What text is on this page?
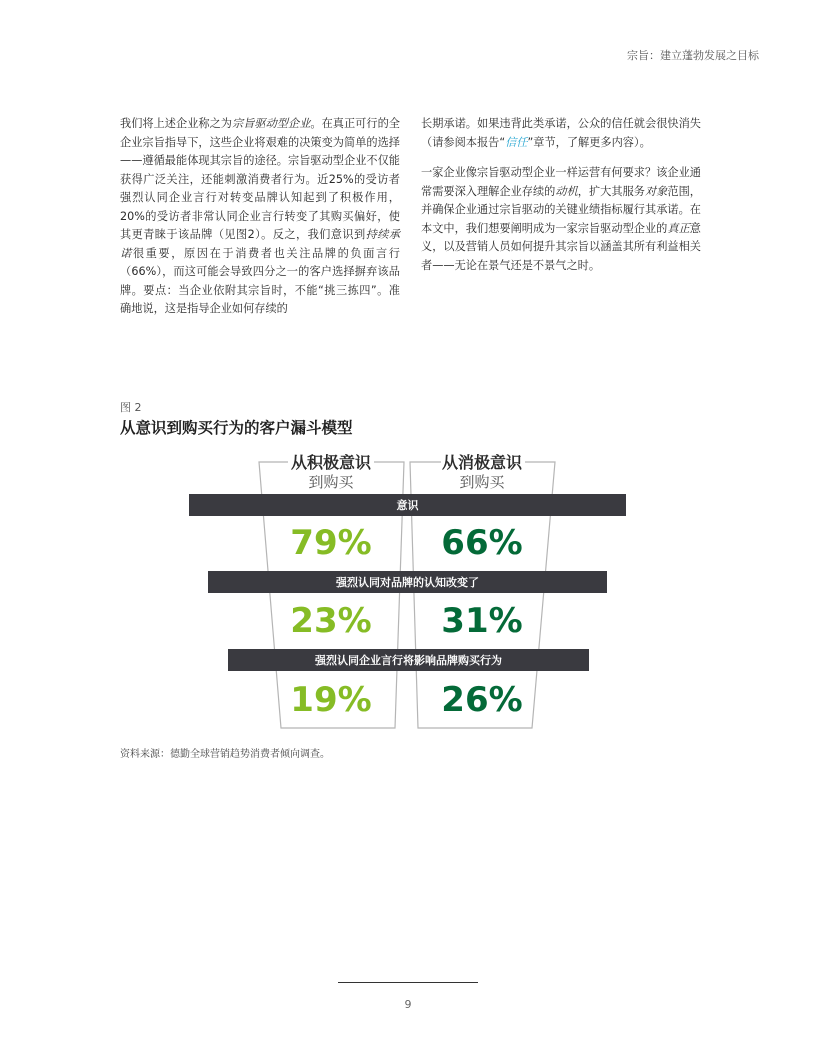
宗旨：建立蓬勃发展之目标

我们将上述企业称之为宗旨驱动型企业。在真正可行的全企业宗旨指导下，这些企业将艰难的决策变为简单的选择——遵循最能体现其宗旨的途径。宗旨驱动型企业不仅能获得广泛关注，还能刺激消费者行为。近25%的受访者强烈认同企业言行对转变品牌认知起到了积极作用，20%的受访者非常认同企业言行转变了其购买偏好，使其更青睐于该品牌（见图2）。反之，我们意识到持续承诺很重要，原因在于消费者也关注品牌的负面言行（66%），而这可能会导致四分之一的客户选择摒弃该品牌。要点：当企业依附其宗旨时，不能“挑三拣四”。准确地说，这是指导企业如何存续的

长期承诺。如果违背此类承诺，公众的信任就会很快消失（请参阅本报告“信任”章节，了解更多内容）。

一家企业像宗旨驱动型企业一样运营有何要求？该企业通常需要深入理解企业存续的动机，扩大其服务对象范围，并确保企业通过宗旨驱动的关键业绩指标履行其承诺。在本文中，我们想要阐明成为一家宗旨驱动型企业的真正意义，以及营销人员如何提升其宗旨以涵盖其所有利益相关者——无论在景气还是不景气之时。

图 2
从意识到购买行为的客户漏斗模型
从积极意识
到购买
从消极意识
到购买
意识
强烈认同对品牌的认知改变了
强烈认同企业言行将影响品牌购买行为
79%
23%
19%
66%
31%
26%
资料来源：德勤全球营销趋势消费者倾向调查。
9
